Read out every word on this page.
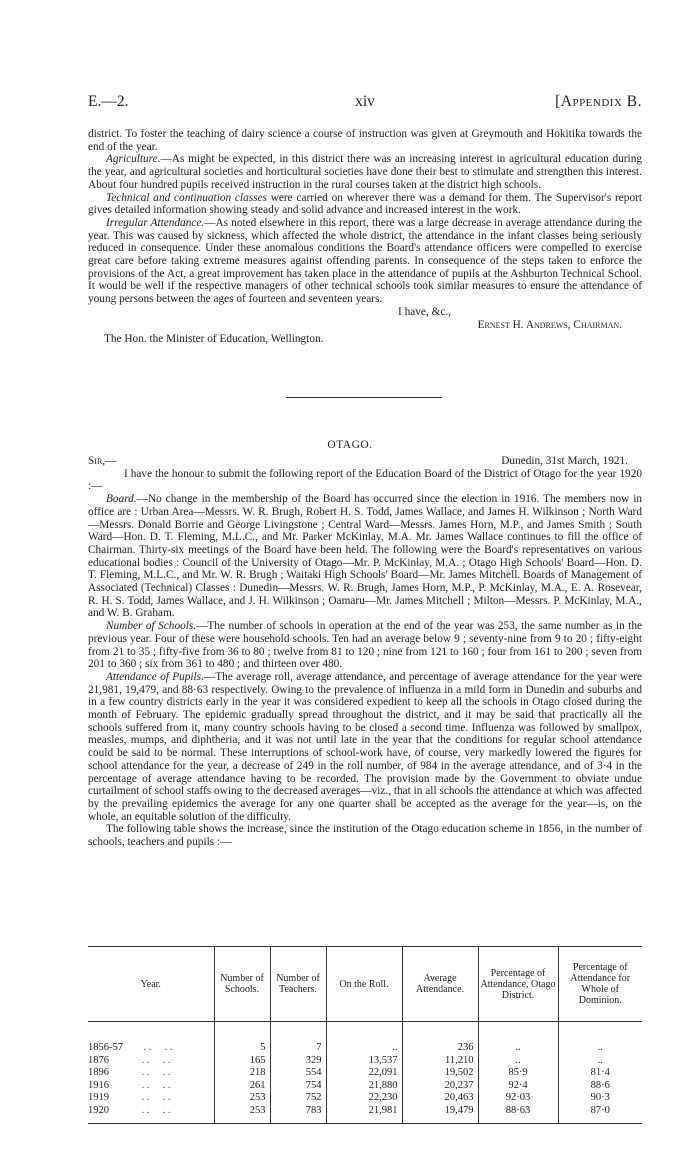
E.—2.	xiv	[Appendix B.

district. To foster the teaching of dairy science a course of instruction was given at Greymouth and Hokitika towards the end of the year.

Agriculture.—As might be expected, in this district there was an increasing interest in agricultural education during the year, and agricultural societies and horticultural societies have done their best to stimulate and strengthen this interest. About four hundred pupils received instruction in the rural courses taken at the district high schools.

Technical and continuation classes were carried on wherever there was a demand for them. The Supervisor's report gives detailed information showing steady and solid advance and increased interest in the work.

Irregular Attendance.—As noted elsewhere in this report, there was a large decrease in average attendance during the year. This was caused by sickness, which affected the whole district, the attendance in the infant classes being seriously reduced in consequence. Under these anomalous conditions the Board's attendance officers were compelled to exercise great care before taking extreme measures against offending parents. In consequence of the steps taken to enforce the provisions of the Act, a great improvement has taken place in the attendance of pupils at the Ashburton Technical School. It would be well if the respective managers of other technical schools took similar measures to ensure the attendance of young persons between the ages of fourteen and seventeen years.

I have, &c.,

Ernest H. Andrews, Chairman.

The Hon. the Minister of Education, Wellington.

OTAGO.

Sir,—	Dunedin, 31st March, 1921.

I have the honour to submit the following report of the Education Board of the District of Otago for the year 1920 :—

Board.—No change in the membership of the Board has occurred since the election in 1916. The members now in office are : Urban Area—Messrs. W. R. Brugh, Robert H. S. Todd, James Wallace, and James H. Wilkinson ; North Ward—Messrs. Donald Borrie and George Livingstone ; Central Ward—Messrs. James Horn, M.P., and James Smith ; South Ward—Hon. D. T. Fleming, M.L.C., and Mr. Parker McKinlay, M.A. Mr. James Wallace continues to fill the office of Chairman. Thirty-six meetings of the Board have been held. The following were the Board's representatives on various educational bodies : Council of the University of Otago—Mr. P. McKinlay, M.A. ; Otago High Schools' Board—Hon. D. T. Fleming, M.L.C., and Mr. W. R. Brugh ; Waitaki High Schools' Board—Mr. James Mitchell. Boards of Management of Associated (Technical) Classes : Dunedin—Messrs. W. R. Brugh, James Horn, M.P., P. McKinlay, M.A., E. A. Rosevear, R. H. S. Todd, James Wallace, and J. H. Wilkinson ; Oamaru—Mr. James Mitchell ; Milton—Messrs. P. McKinlay, M.A., and W. B. Graham.

Number of Schools.—The number of schools in operation at the end of the year was 253, the same number as in the previous year. Four of these were household schools. Ten had an average below 9 ; seventy-nine from 9 to 20 ; fifty-eight from 21 to 35 ; fifty-five from 36 to 80 ; twelve from 81 to 120 ; nine from 121 to 160 ; four from 161 to 200 ; seven from 201 to 360 ; six from 361 to 480 ; and thirteen over 480.

Attendance of Pupils.—The average roll, average attendance, and percentage of average attendance for the year were 21,981, 19,479, and 88·63 respectively. Owing to the prevalence of influenza in a mild form in Dunedin and suburbs and in a few country districts early in the year it was considered expedient to keep all the schools in Otago closed during the month of February. The epidemic gradually spread throughout the district, and it may be said that practically all the schools suffered from it, many country schools having to be closed a second time. Influenza was followed by smallpox, measles, mumps, and diphtheria, and it was not until late in the year that the conditions for regular school attendance could be said to be normal. These interruptions of school-work have, of course, very markedly lowered the figures for school attendance for the year, a decrease of 249 in the roll number, of 984 in the average attendance, and of 3·4 in the percentage of average attendance having to be recorded. The provision made by the Government to obviate undue curtailment of school staffs owing to the decreased averages—viz., that in all schools the attendance at which was affected by the prevailing epidemics the average for any one quarter shall be accepted as the average for the year—is, on the whole, an equitable solution of the difficulty.

The following table shows the increase, since the institution of the Otago education scheme in 1856, in the number of schools, teachers and pupils :—

Year.	Number of Schools.	Number of Teachers.	On the Roll.	Average Attendance.	Percentage of Attendance, Otago District.	Percentage of Attendance for Whole of Dominion.

1856-57 . .     . .	5	7	..	236	..	..
1876 . .     . .	165	329	13,537	11,210	..	..
1896 . .     . .	218	554	22,091	19,502	85·9	81·4
1916 . .     . .	261	754	21,880	20,237	92·4	88·6
1919 . .     . .	253	752	22,230	20,463	92·03	90·3
1920 . .     . .	253	783	21,981	19,479	88·63	87·0
